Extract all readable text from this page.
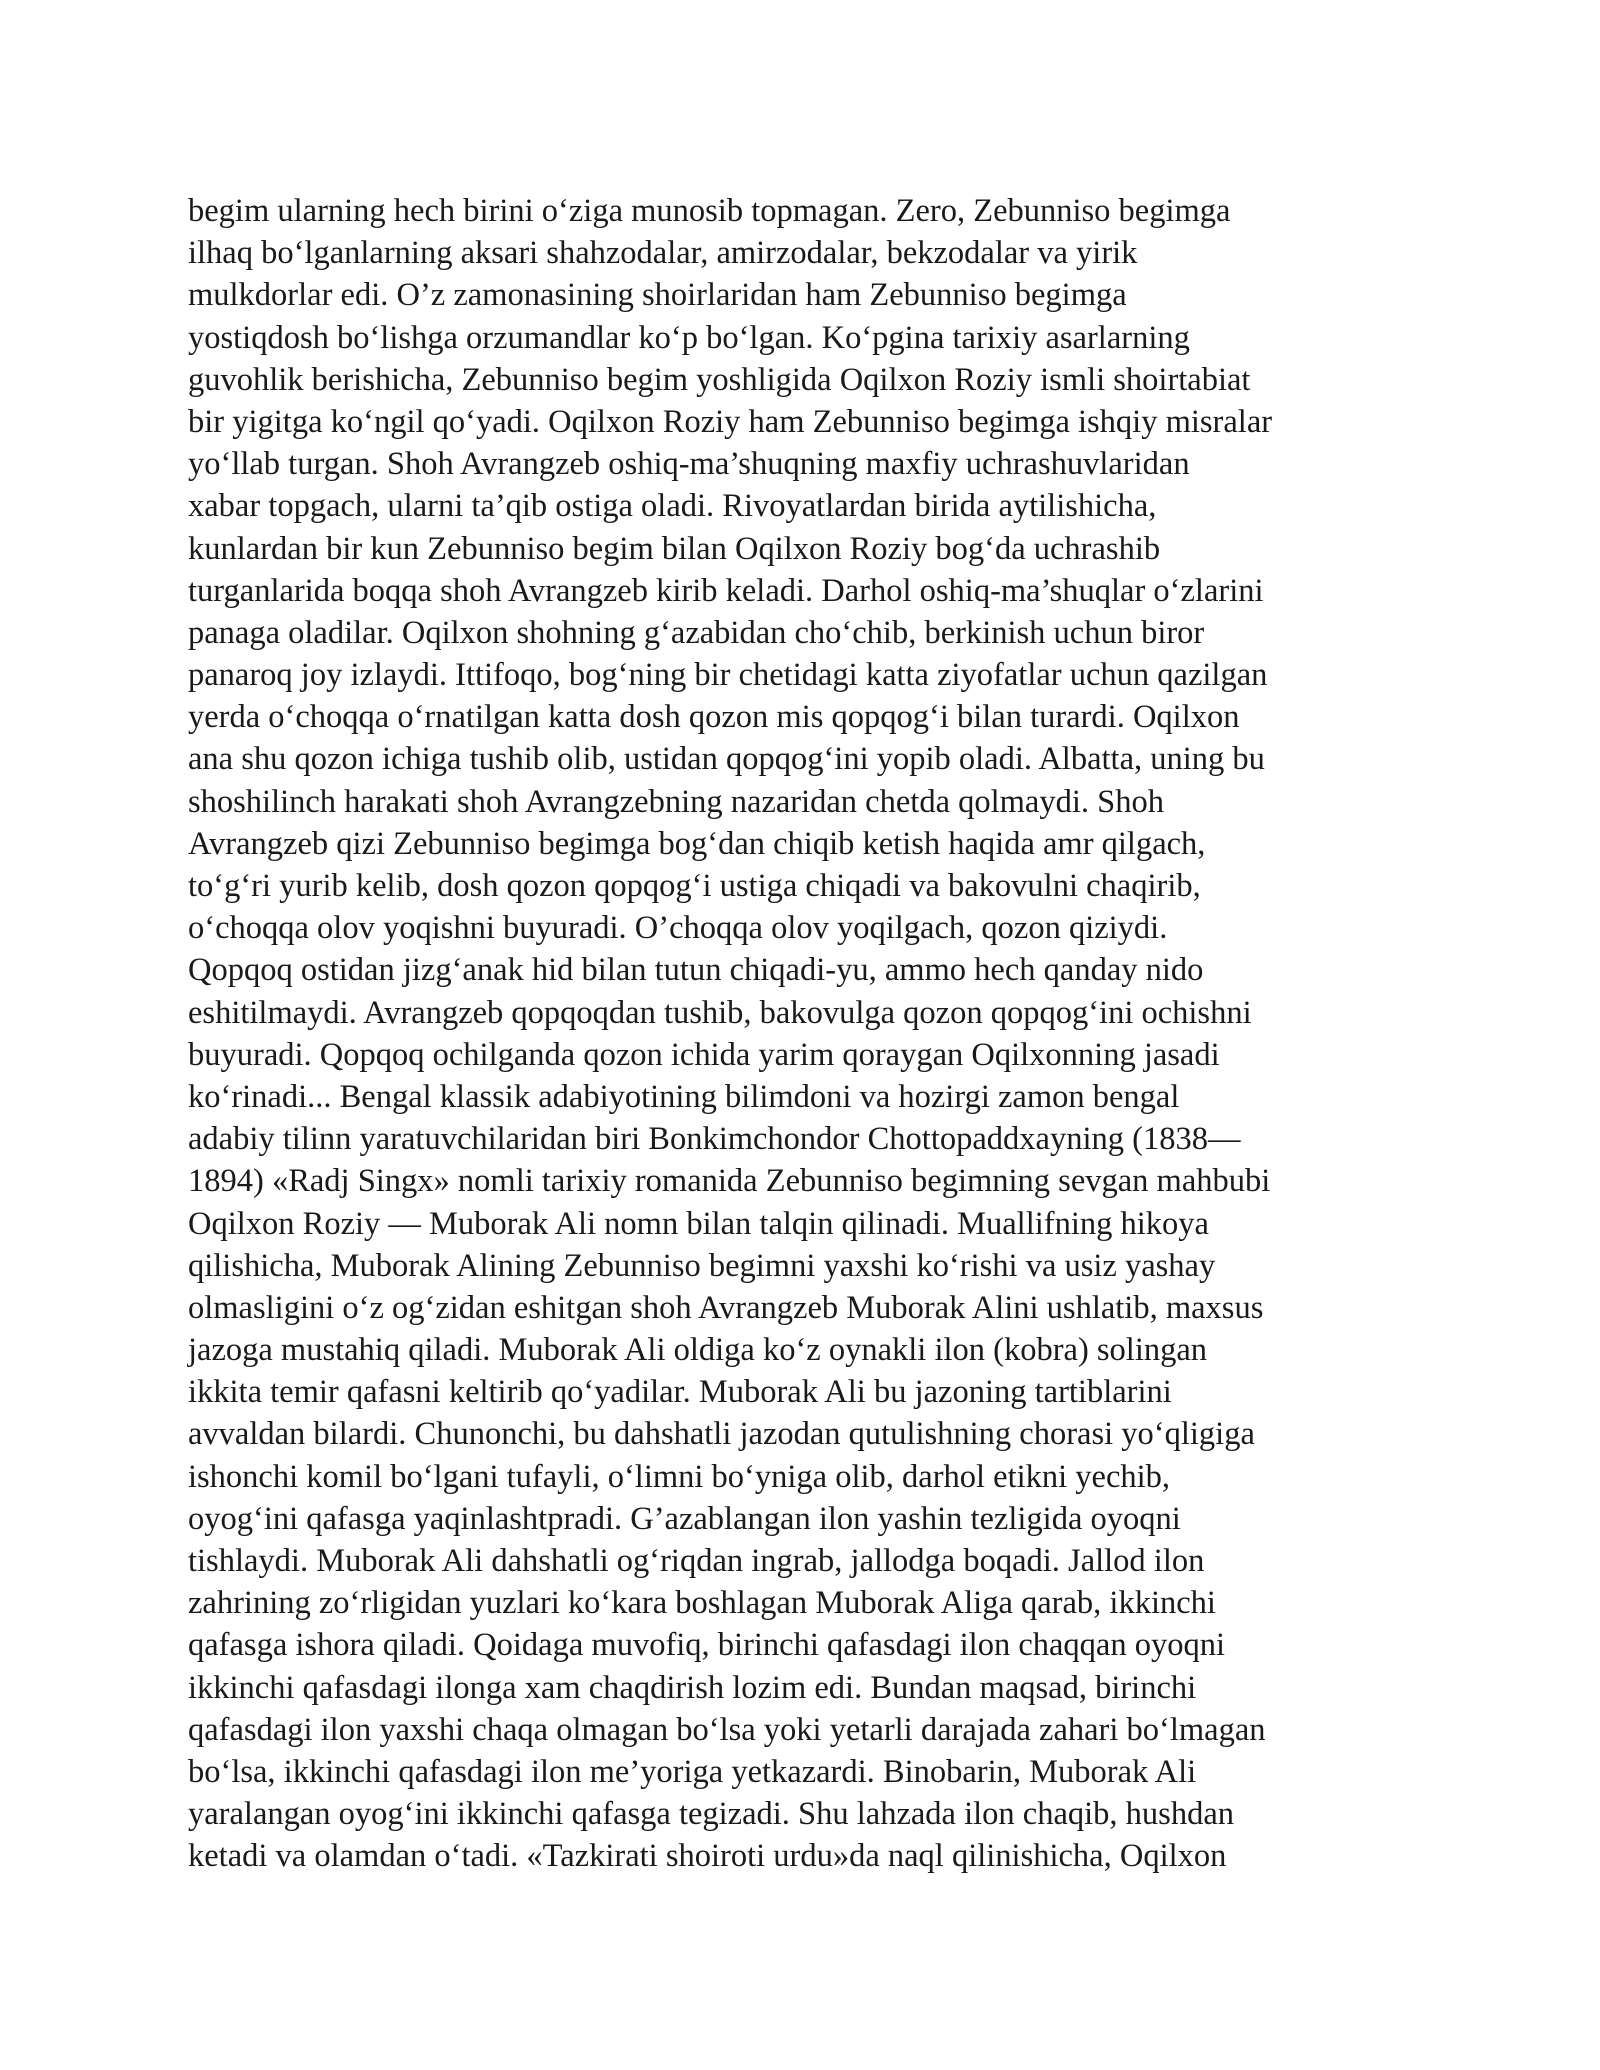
begim ularning hech birini o‘ziga munosib topmagan. Zero, Zebunniso begimga
ilhaq bo‘lganlarning aksari shahzodalar, amirzodalar, bekzodalar va yirik
mulkdorlar edi. O’z zamonasining shoirlaridan ham Zebunniso begimga
yostiqdosh bo‘lishga orzumandlar ko‘p bo‘lgan. Ko‘pgina tarixiy asarlarning
guvohlik berishicha, Zebunniso begim yoshligida Oqilxon Roziy ismli shoirtabiat
bir yigitga ko‘ngil qo‘yadi. Oqilxon Roziy ham Zebunniso begimga ishqiy misralar
yo‘llab turgan. Shoh Avrangzeb oshiq-ma’shuqning maxfiy uchrashuvlaridan
xabar topgach, ularni ta’qib ostiga oladi. Rivoyatlardan birida aytilishicha,
kunlardan bir kun Zebunniso begim bilan Oqilxon Roziy bog‘da uchrashib
turganlarida boqqa shoh Avrangzeb kirib keladi. Darhol oshiq-ma’shuqlar o‘zlarini
panaga oladilar. Oqilxon shohning g‘azabidan cho‘chib, berkinish uchun biror
panaroq joy izlaydi. Ittifoqo, bog‘ning bir chetidagi katta ziyofatlar uchun qazilgan
yerda o‘choqqa o‘rnatilgan katta dosh qozon mis qopqog‘i bilan turardi. Oqilxon
ana shu qozon ichiga tushib olib, ustidan qopqog‘ini yopib oladi. Albatta, uning bu
shoshilinch harakati shoh Avrangzebning nazaridan chetda qolmaydi. Shoh
Avrangzeb qizi Zebunniso begimga bog‘dan chiqib ketish haqida amr qilgach,
to‘g‘ri yurib kelib, dosh qozon qopqog‘i ustiga chiqadi va bakovulni chaqirib,
o‘choqqa olov yoqishni buyuradi. O’choqqa olov yoqilgach, qozon qiziydi.
Qopqoq ostidan jizg‘anak hid bilan tutun chiqadi-yu, ammo hech qanday nido
eshitilmaydi. Avrangzeb qopqoqdan tushib, bakovulga qozon qopqog‘ini ochishni
buyuradi. Qopqoq ochilganda qozon ichida yarim qoraygan Oqilxonning jasadi
ko‘rinadi... Bengal klassik adabiyotining bilimdoni va hozirgi zamon bengal
adabiy tilinn yaratuvchilaridan biri Bonkimchondor Chottopaddxayning (1838—
1894) «Radj Singx» nomli tarixiy romanida Zebunniso begimning sevgan mahbubi
Oqilxon Roziy — Muborak Ali nomn bilan talqin qilinadi. Muallifning hikoya
qilishicha, Muborak Alining Zebunniso begimni yaxshi ko‘rishi va usiz yashay
olmasligini o‘z og‘zidan eshitgan shoh Avrangzeb Muborak Alini ushlatib, maxsus
jazoga mustahiq qiladi. Muborak Ali oldiga ko‘z oynakli ilon (kobra) solingan
ikkita temir qafasni keltirib qo‘yadilar. Muborak Ali bu jazoning tartiblarini
avvaldan bilardi. Chunonchi, bu dahshatli jazodan qutulishning chorasi yo‘qligiga
ishonchi komil bo‘lgani tufayli, o‘limni bo‘yniga olib, darhol etikni yechib,
oyog‘ini qafasga yaqinlashtpradi. G’azablangan ilon yashin tezligida oyoqni
tishlaydi. Muborak Ali dahshatli og‘riqdan ingrab, jallodga boqadi. Jallod ilon
zahrining zo‘rligidan yuzlari ko‘kara boshlagan Muborak Aliga qarab, ikkinchi
qafasga ishora qiladi. Qoidaga muvofiq, birinchi qafasdagi ilon chaqqan oyoqni
ikkinchi qafasdagi ilonga xam chaqdirish lozim edi. Bundan maqsad, birinchi
qafasdagi ilon yaxshi chaqa olmagan bo‘lsa yoki yetarli darajada zahari bo‘lmagan
bo‘lsa, ikkinchi qafasdagi ilon me’yoriga yetkazardi. Binobarin, Muborak Ali
yaralangan oyog‘ini ikkinchi qafasga tegizadi. Shu lahzada ilon chaqib, hushdan
ketadi va olamdan o‘tadi. «Tazkirati shoiroti urdu»da naql qilinishicha, Oqilxon
